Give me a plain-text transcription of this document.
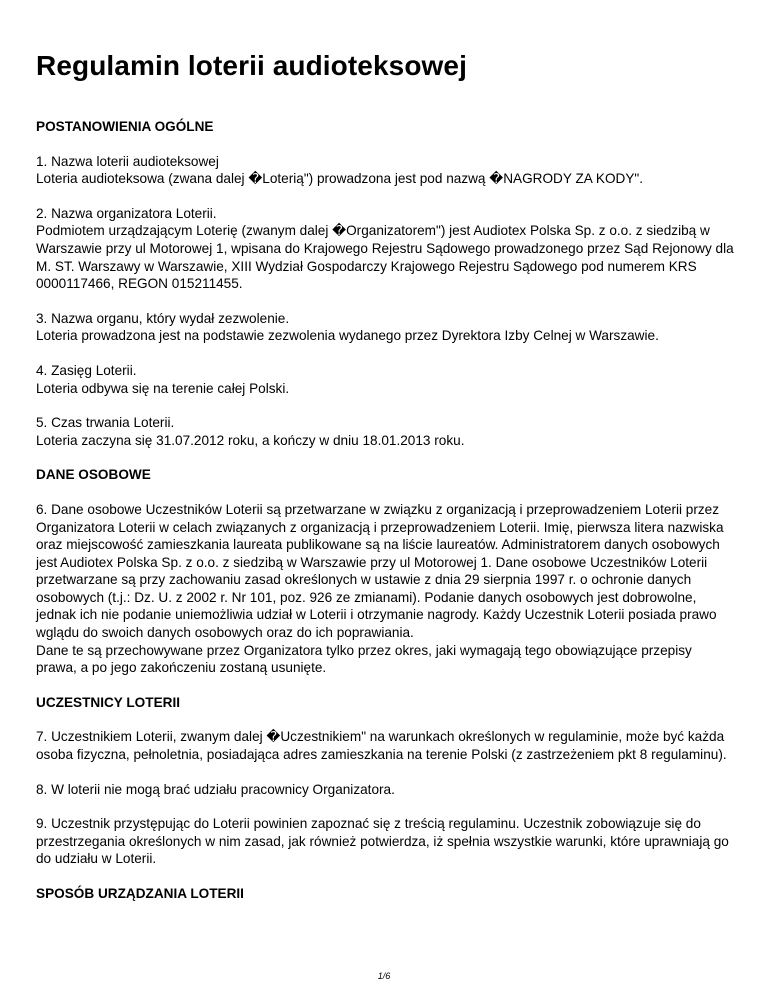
Regulamin loterii audioteksowej
POSTANOWIENIA OGÓLNE
1. Nazwa loterii audioteksowej
Loteria audioteksowa (zwana dalej �Loterią") prowadzona jest pod nazwą �NAGRODY ZA KODY".
2. Nazwa organizatora Loterii.
Podmiotem urządzającym Loterię (zwanym dalej �Organizatorem") jest Audiotex Polska Sp. z o.o. z siedzibą w Warszawie przy ul Motorowej 1, wpisana do Krajowego Rejestru Sądowego prowadzonego przez Sąd Rejonowy dla M. ST. Warszawy w Warszawie, XIII Wydział Gospodarczy Krajowego Rejestru Sądowego pod numerem KRS 0000117466, REGON 015211455.
3. Nazwa organu, który wydał zezwolenie.
Loteria prowadzona jest na podstawie zezwolenia wydanego przez Dyrektora Izby Celnej w Warszawie.
4. Zasięg Loterii.
Loteria odbywa się na terenie całej Polski.
5. Czas trwania Loterii.
Loteria zaczyna się 31.07.2012 roku, a kończy w dniu 18.01.2013 roku.
DANE OSOBOWE
6. Dane osobowe Uczestników Loterii są przetwarzane w związku z organizacją i przeprowadzeniem Loterii przez Organizatora Loterii w celach związanych z organizacją i przeprowadzeniem Loterii. Imię, pierwsza litera nazwiska oraz miejscowość zamieszkania laureata publikowane są na liście laureatów. Administratorem danych osobowych jest Audiotex Polska Sp. z o.o. z siedzibą w Warszawie przy ul Motorowej 1. Dane osobowe Uczestników Loterii przetwarzane są przy zachowaniu zasad określonych w ustawie z dnia 29 sierpnia 1997 r. o ochronie danych osobowych (t.j.: Dz. U. z 2002 r. Nr 101, poz. 926 ze zmianami). Podanie danych osobowych jest dobrowolne, jednak ich nie podanie uniemożliwia udział w Loterii i otrzymanie nagrody. Każdy Uczestnik Loterii posiada prawo wglądu do swoich danych osobowych oraz do ich poprawiania.
Dane te są przechowywane przez Organizatora tylko przez okres, jaki wymagają tego obowiązujące przepisy prawa, a po jego zakończeniu zostaną usunięte.
UCZESTNICY LOTERII
7. Uczestnikiem Loterii, zwanym dalej �Uczestnikiem" na warunkach określonych w regulaminie, może być każda osoba fizyczna, pełnoletnia, posiadająca adres zamieszkania na terenie Polski (z zastrzeżeniem pkt 8 regulaminu).
8. W loterii nie mogą brać udziału pracownicy Organizatora.
9. Uczestnik przystępując do Loterii powinien zapoznać się z treścią regulaminu. Uczestnik zobowiązuje się do przestrzegania określonych w nim zasad, jak również potwierdza, iż spełnia wszystkie warunki, które uprawniają go do udziału w Loterii.
SPOSÓB URZĄDZANIA LOTERII
1/6
